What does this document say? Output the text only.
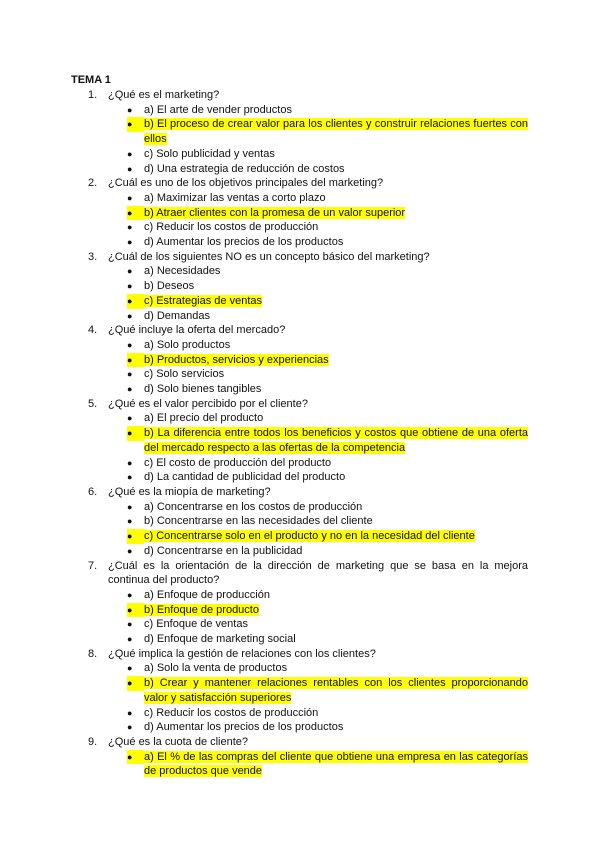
TEMA 1
1. ¿Qué es el marketing?
● a) El arte de vender productos
●	b) El proceso de crear valor para los clientes y construir relaciones fuertes con ellos
● c) Solo publicidad y ventas
● d) Una estrategia de reducción de costos
2. ¿Cuál es uno de los objetivos principales del marketing?
● a) Maximizar las ventas a corto plazo
●	b) Atraer clientes con la promesa de un valor superior
● c) Reducir los costos de producción
● d) Aumentar los precios de los productos
3. ¿Cuál de los siguientes NO es un concepto básico del marketing?
● a) Necesidades
● b) Deseos
●	c) Estrategias de ventas
● d) Demandas
4. ¿Qué incluye la oferta del mercado?
● a) Solo productos
●	b) Productos, servicios y experiencias
● c) Solo servicios
● d) Solo bienes tangibles
5. ¿Qué es el valor percibido por el cliente?
● a) El precio del producto
●	b) La diferencia entre todos los beneficios y costos que obtiene de una oferta del mercado respecto a las ofertas de la competencia
● c) El costo de producción del producto
● d) La cantidad de publicidad del producto
6. ¿Qué es la miopía de marketing?
● a) Concentrarse en los costos de producción
● b) Concentrarse en las necesidades del cliente
●	c) Concentrarse solo en el producto y no en la necesidad del cliente
● d) Concentrarse en la publicidad
7. ¿Cuál es la orientación de la dirección de marketing que se basa en la mejora continua del producto?
● a) Enfoque de producción
●	b) Enfoque de producto
● c) Enfoque de ventas
● d) Enfoque de marketing social
8. ¿Qué implica la gestión de relaciones con los clientes?
● a) Solo la venta de productos
●	b) Crear y mantener relaciones rentables con los clientes proporcionando valor y satisfacción superiores
● c) Reducir los costos de producción
● d) Aumentar los precios de los productos
9. ¿Qué es la cuota de cliente?
●	a) El % de las compras del cliente que obtiene una empresa en las categorías de productos que vende
